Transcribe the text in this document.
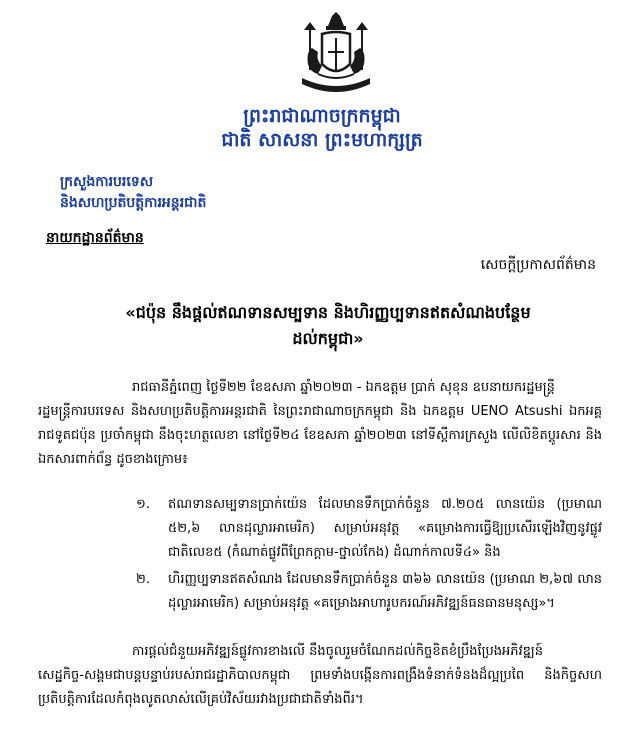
ព្រះរាជាណាចក្រកម្ពុជា
ជាតិ សាសនា ព្រះមហាក្សត្រ
ក្រសួងការបរទេស
និងសហប្រតិបត្តិការអន្តរជាតិ
នាយកដ្ឋានព័ត៌មាន
សេចក្តីប្រកាសព័ត៌មាន
«ជប៉ុន នឹងផ្តល់ឥណទានសម្បទាន និងហិរញ្ញប្បទានឥតសំណងបន្ថែម
ដល់កម្ពុជា»
រាជធានីភ្នំពេញ ថ្ងៃទី២២ ខែឧសភា ឆ្នាំ២០២៣ - ឯកឧត្តម ប្រាក់ សុខុន ឧបនាយករដ្ឋមន្ត្រី
រដ្ឋមន្ត្រីការបរទេស និងសហប្រតិបត្តិការអន្តរជាតិ នៃព្រះរាជាណាចក្រកម្ពុជា និង ឯកឧត្តម UENO Atsushi ឯកអគ្គរាជទូតជប៉ុន ប្រចាំកម្ពុជា នឹងចុះហត្ថលេខា នៅថ្ងៃទី២៤ ខែឧសភា ឆ្នាំ២០២៣ នៅទីស្តីការក្រសួង លើលិខិតប្តូរសារ និងឯកសារពាក់ព័ន្ធ ដូចខាងក្រោម៖
១. ឥណទានសម្បទានប្រាក់យ៉េន ដែលមានទឹកប្រាក់ចំនួន ៧.២០៥ លានយ៉េន (ប្រមាណ ៥២,៦ លានដុល្លារអាមេរិក) សម្រាប់អនុវត្ត «គម្រោងការធ្វើឱ្យប្រសើរឡើងវិញនូវផ្លូវជាតិលេខ៥ (កំណាត់ផ្លូវពីព្រែកក្តាម-ថ្នាល់កែង) ដំណាក់កាលទី៤» និង
២. ហិរញ្ញប្បទានឥតសំណង ដែលមានទឹកប្រាក់ចំនួន ៣៦៦ លានយ៉េន (ប្រមាណ ២,៦៧ លានដុល្លារអាមេរិក) សម្រាប់អនុវត្ត «គម្រោងអាហារូបករណ៍អភិវឌ្ឍន៍ធនធានមនុស្ស»។
ការផ្តល់ជំនួយអភិវឌ្ឍន៍ផ្លូវការខាងលើ នឹងចូលរួមចំណែកដល់កិច្ចខិតខំប្រឹងប្រែងអភិវឌ្ឍន៍
សេដ្ឋកិច្ច-សង្គមជាបន្តបន្ទាប់របស់រាជរដ្ឋាភិបាលកម្ពុជា ព្រមទាំងបង្កើនការពង្រឹងទំនាក់ទំនងដ៏ល្អប្រពៃ និងកិច្ចសហប្រតិបត្តិការដែលកំពុងលូតលាស់លើគ្រប់វិស័យរវាងប្រជាជាតិទាំងពីរ។
